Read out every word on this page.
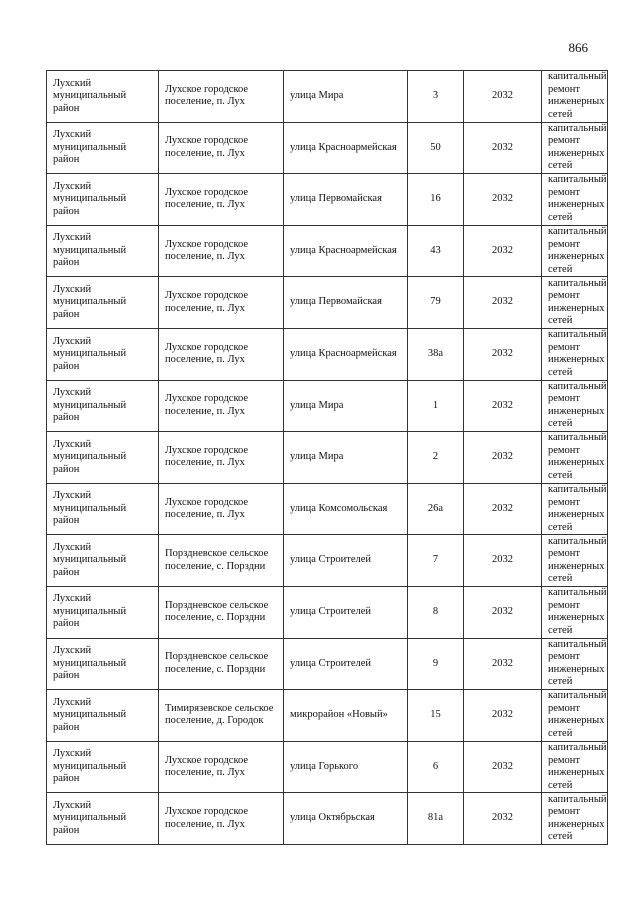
866
Лухский муниципальный район	Лухское городское поселение, п. Лух	улица Мира	3	2032	капитальный ремонт инженерных сетей
Лухский муниципальный район	Лухское городское поселение, п. Лух	улица Красноармейская	50	2032	капитальный ремонт инженерных сетей
Лухский муниципальный район	Лухское городское поселение, п. Лух	улица Первомайская	16	2032	капитальный ремонт инженерных сетей
Лухский муниципальный район	Лухское городское поселение, п. Лух	улица Красноармейская	43	2032	капитальный ремонт инженерных сетей
Лухский муниципальный район	Лухское городское поселение, п. Лух	улица Первомайская	79	2032	капитальный ремонт инженерных сетей
Лухский муниципальный район	Лухское городское поселение, п. Лух	улица Красноармейская	38а	2032	капитальный ремонт инженерных сетей
Лухский муниципальный район	Лухское городское поселение, п. Лух	улица Мира	1	2032	капитальный ремонт инженерных сетей
Лухский муниципальный район	Лухское городское поселение, п. Лух	улица Мира	2	2032	капитальный ремонт инженерных сетей
Лухский муниципальный район	Лухское городское поселение, п. Лух	улица Комсомольская	26а	2032	капитальный ремонт инженерных сетей
Лухский муниципальный район	Порздневское сельское поселение, с. Порздни	улица Строителей	7	2032	капитальный ремонт инженерных сетей
Лухский муниципальный район	Порздневское сельское поселение, с. Порздни	улица Строителей	8	2032	капитальный ремонт инженерных сетей
Лухский муниципальный район	Порздневское сельское поселение, с. Порздни	улица Строителей	9	2032	капитальный ремонт инженерных сетей
Лухский муниципальный район	Тимирязевское сельское поселение, д. Городок	микрорайон «Новый»	15	2032	капитальный ремонт инженерных сетей
Лухский муниципальный район	Лухское городское поселение, п. Лух	улица Горького	6	2032	капитальный ремонт инженерных сетей
Лухский муниципальный район	Лухское городское поселение, п. Лух	улица Октябрьская	81а	2032	капитальный ремонт инженерных сетей
